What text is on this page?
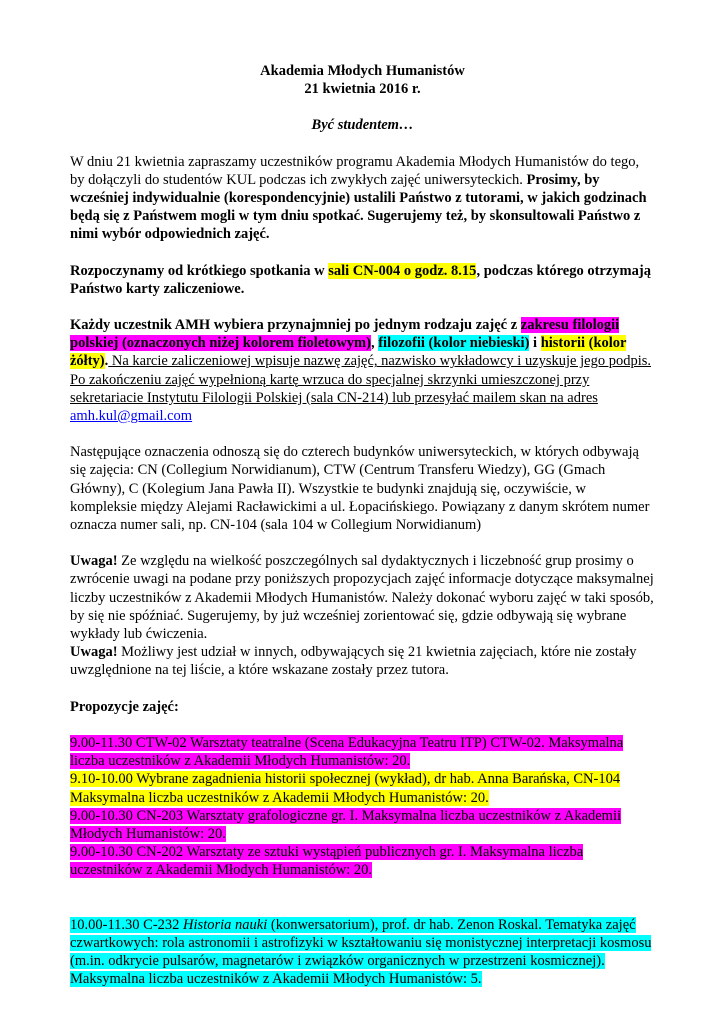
Akademia Młodych Humanistów

21 kwietnia 2016 r.

Być studentem…

W dniu 21 kwietnia zapraszamy uczestników programu Akademia Młodych Humanistów do tego, by dołączyli do studentów KUL podczas ich zwykłych zajęć uniwersyteckich. Prosimy, by wcześniej indywidualnie (korespondencyjnie) ustalili Państwo z tutorami, w jakich godzinach będą się z Państwem mogli w tym dniu spotkać. Sugerujemy też, by skonsultowali Państwo z nimi wybór odpowiednich zajęć.

Rozpoczynamy od krótkiego spotkania w sali CN-004 o godz. 8.15, podczas którego otrzymają Państwo karty zaliczeniowe.

Każdy uczestnik AMH wybiera przynajmniej po jednym rodzaju zajęć z zakresu filologii polskiej (oznaczonych niżej kolorem fioletowym), filozofii (kolor niebieski) i historii (kolor żółty). Na karcie zaliczeniowej wpisuje nazwę zajęć, nazwisko wykładowcy i uzyskuje jego podpis. Po zakończeniu zajęć wypełnioną kartę wrzuca do specjalnej skrzynki umieszczonej przy sekretariacie Instytutu Filologii Polskiej (sala CN-214) lub przesyłać mailem skan na adres amh.kul@gmail.com

Następujące oznaczenia odnoszą się do czterech budynków uniwersyteckich, w których odbywają się zajęcia: CN (Collegium Norwidianum), CTW (Centrum Transferu Wiedzy), GG (Gmach Główny), C (Kolegium Jana Pawła II). Wszystkie te budynki znajdują się, oczywiście, w kompleksie między Alejami Racławickimi a ul. Łopacińskiego. Powiązany z danym skrótem numer oznacza numer sali, np. CN-104 (sala 104 w Collegium Norwidianum)

Uwaga! Ze względu na wielkość poszczególnych sal dydaktycznych i liczebność grup prosimy o zwrócenie uwagi na podane przy poniższych propozycjach zajęć informacje dotyczące maksymalnej liczby uczestników z Akademii Młodych Humanistów. Należy dokonać wyboru zajęć w taki sposób, by się nie spóźniać. Sugerujemy, by już wcześniej zorientować się, gdzie odbywają się wybrane wykłady lub ćwiczenia.

Uwaga! Możliwy jest udział w innych, odbywających się 21 kwietnia zajęciach, które nie zostały uwzględnione na tej liście, a które wskazane zostały przez tutora.

Propozycje zajęć:

9.00-11.30 CTW-02 Warsztaty teatralne (Scena Edukacyjna Teatru ITP) CTW-02. Maksymalna liczba uczestników z Akademii Młodych Humanistów: 20.

9.10-10.00 Wybrane zagadnienia historii społecznej (wykład), dr hab. Anna Barańska, CN-104 Maksymalna liczba uczestników z Akademii Młodych Humanistów: 20.

9.00-10.30 CN-203 Warsztaty grafologiczne gr. I. Maksymalna liczba uczestników z Akademii Młodych Humanistów: 20.

9.00-10.30 CN-202 Warsztaty ze sztuki wystąpień publicznych gr. I. Maksymalna liczba uczestników z Akademii Młodych Humanistów: 20.

10.00-11.30 C-232 Historia nauki (konwersatorium), prof. dr hab. Zenon Roskal. Tematyka zajęć czwartkowych: rola astronomii i astrofizyki w kształtowaniu się monistycznej interpretacji kosmosu (m.in. odkrycie pulsarów, magnetarów i związków organicznych w przestrzeni kosmicznej). Maksymalna liczba uczestników z Akademii Młodych Humanistów: 5.
